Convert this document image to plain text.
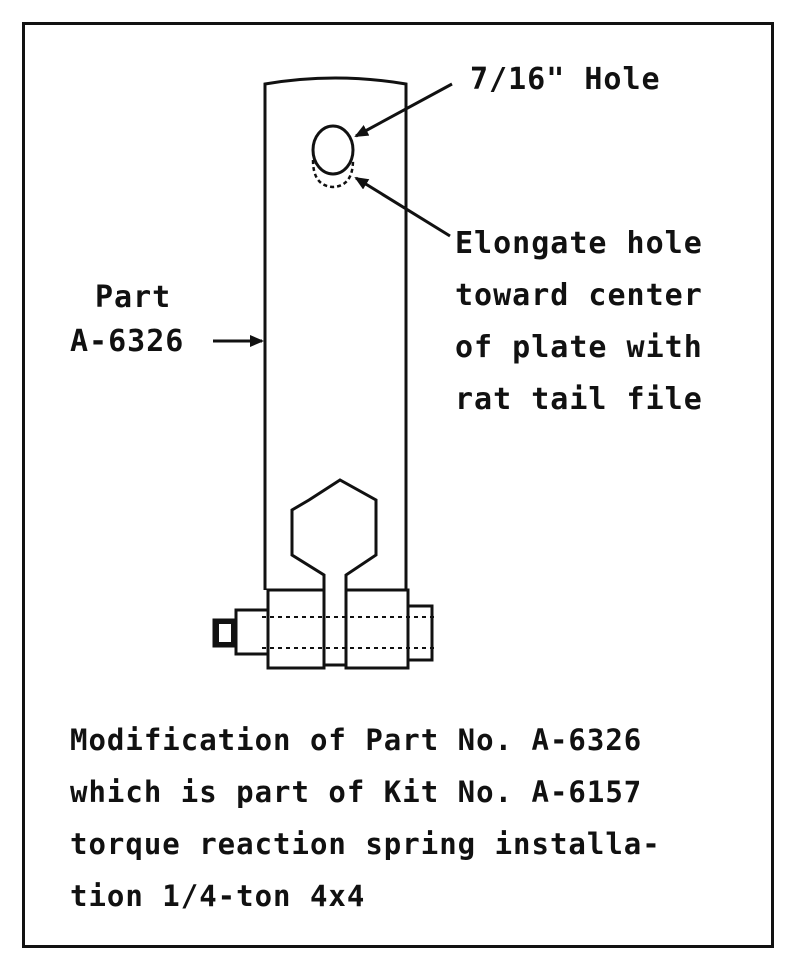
7/16" Hole
Elongate hole
toward center
of plate with
rat tail file
Part
A-6326
Modification of Part No. A-6326
which is part of Kit No. A-6157
torque reaction spring installa-
tion 1/4-ton 4x4
